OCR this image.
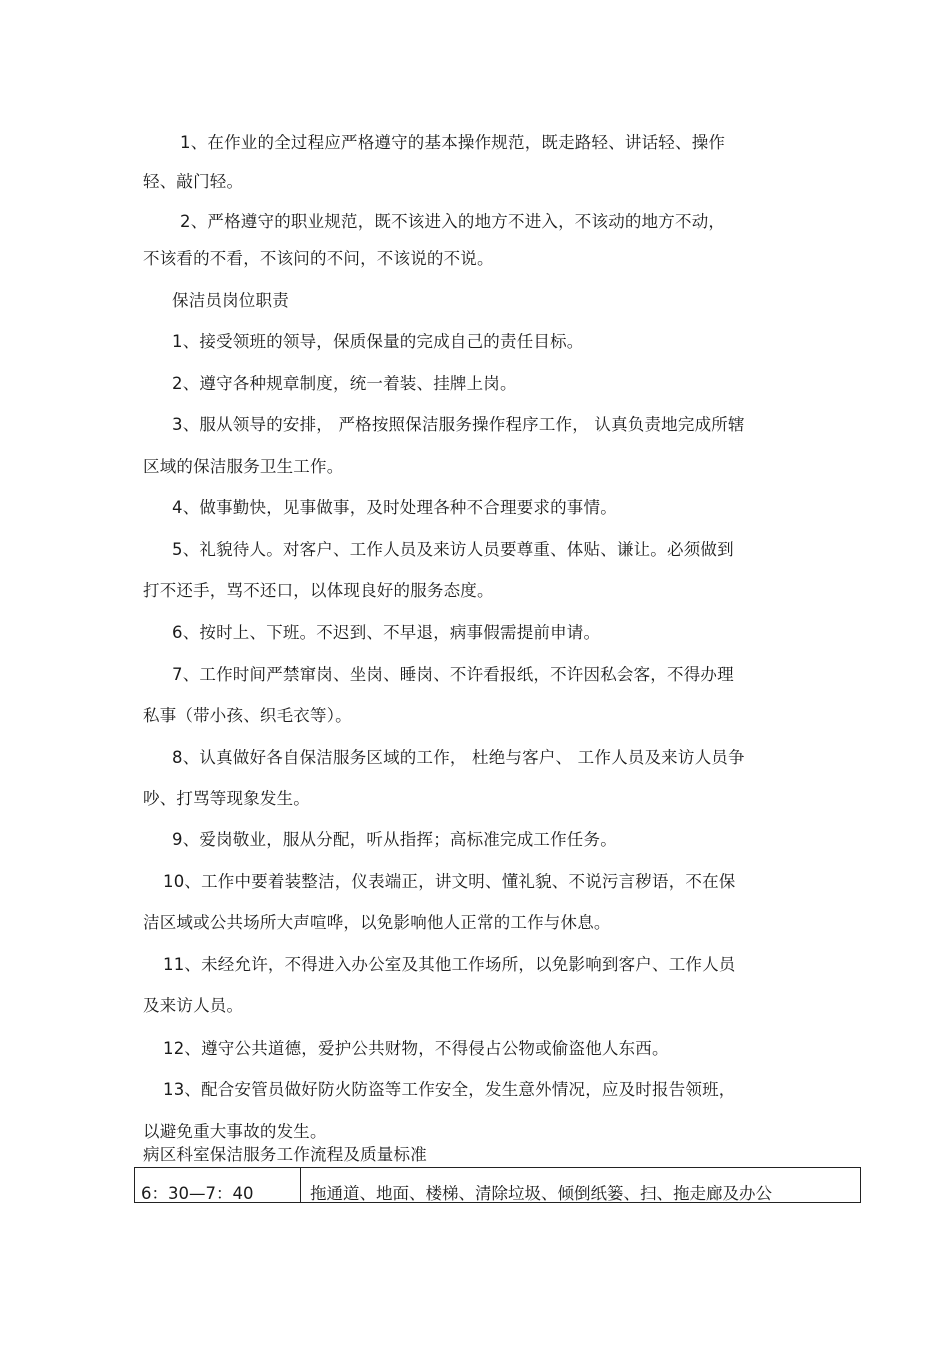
1、在作业的全过程应严格遵守的基本操作规范，既走路轻、讲话轻、操作
轻、敲门轻。
2、严格遵守的职业规范，既不该进入的地方不进入，不该动的地方不动，
不该看的不看，不该问的不问，不该说的不说。
保洁员岗位职责
1、接受领班的领导，保质保量的完成自己的责任目标。
2、遵守各种规章制度，统一着装、挂牌上岗。
3、服从领导的安排， 严格按照保洁服务操作程序工作， 认真负责地完成所辖
区域的保洁服务卫生工作。
4、做事勤快，见事做事，及时处理各种不合理要求的事情。
5、礼貌待人。对客户、工作人员及来访人员要尊重、体贴、谦让。必须做到
打不还手，骂不还口，以体现良好的服务态度。
6、按时上、下班。不迟到、不早退，病事假需提前申请。
7、工作时间严禁窜岗、坐岗、睡岗、不许看报纸，不许因私会客，不得办理
私事（带小孩、织毛衣等）。
8、认真做好各自保洁服务区域的工作， 杜绝与客户、 工作人员及来访人员争
吵、打骂等现象发生。
9、爱岗敬业，服从分配，听从指挥；高标准完成工作任务。
10、工作中要着装整洁，仪表端正，讲文明、懂礼貌、不说污言秽语，不在保
洁区域或公共场所大声喧哗，以免影响他人正常的工作与休息。
11、未经允许，不得进入办公室及其他工作场所，以免影响到客户、工作人员
及来访人员。
12、遵守公共道德，爱护公共财物，不得侵占公物或偷盗他人东西。
13、配合安管员做好防火防盗等工作安全，发生意外情况，应及时报告领班，
以避免重大事故的发生。
病区科室保洁服务工作流程及质量标准
6：30—7：40	拖通道、地面、楼梯、清除垃圾、倾倒纸篓、扫、拖走廊及办公
